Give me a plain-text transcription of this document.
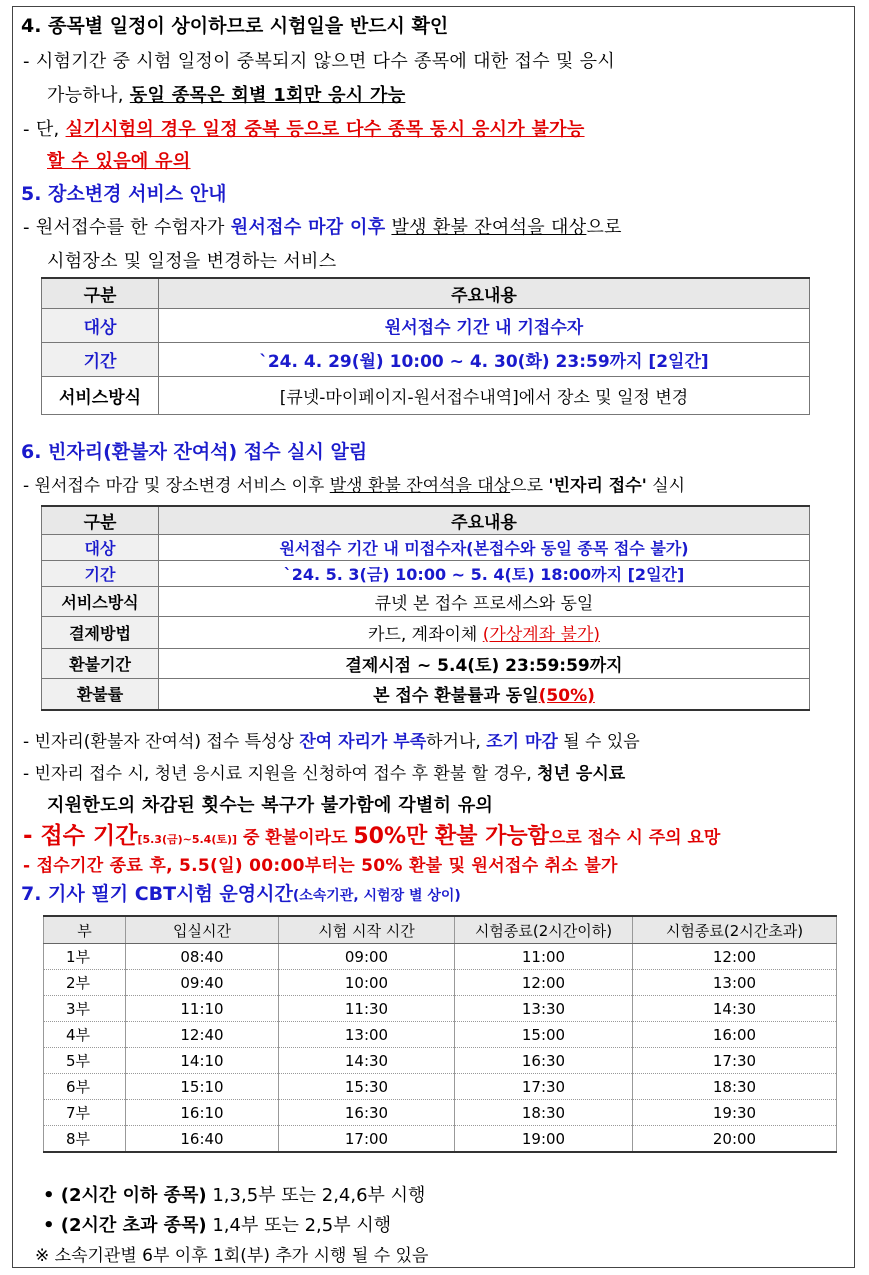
4. 종목별 일정이 상이하므로 시험일을 반드시 확인
- 시험기간 중 시험 일정이 중복되지 않으면 다수 종목에 대한 접수 및 응시
가능하나, 동일 종목은 회별 1회만 응시 가능
- 단, 실기시험의 경우 일정 중복 등으로 다수 종목 동시 응시가 불가능
할 수 있음에 유의
5. 장소변경 서비스 안내
- 원서접수를 한 수험자가 원서접수 마감 이후 발생 환불 잔여석을 대상으로
시험장소 및 일정을 변경하는 서비스
구분	주요내용
대상	원서접수 기간 내 기접수자
기간	`24. 4. 29(월) 10:00 ~ 4. 30(화) 23:59까지 [2일간]
서비스방식	[큐넷-마이페이지-원서접수내역]에서 장소 및 일정 변경
6. 빈자리(환불자 잔여석) 접수 실시 알림
- 원서접수 마감 및 장소변경 서비스 이후 발생 환불 잔여석을 대상으로 '빈자리 접수' 실시
구분	주요내용
대상	원서접수 기간 내 미접수자(본접수와 동일 종목 접수 불가)
기간	`24. 5. 3(금) 10:00 ~ 5. 4(토) 18:00까지 [2일간]
서비스방식	큐넷 본 접수 프로세스와 동일
결제방법	카드, 계좌이체 (가상계좌 불가)
환불기간	결제시점 ~ 5.4(토) 23:59:59까지
환불률	본 접수 환불률과 동일(50%)
- 빈자리(환불자 잔여석) 접수 특성상 잔여 자리가 부족하거나, 조기 마감 될 수 있음
- 빈자리 접수 시, 청년 응시료 지원을 신청하여 접수 후 환불 할 경우, 청년 응시료
지원한도의 차감된 횟수는 복구가 불가함에 각별히 유의
- 접수 기간[5.3(금)~5.4(토)] 중 환불이라도 50%만 환불 가능함으로 접수 시 주의 요망
- 접수기간 종료 후, 5.5(일) 00:00부터는 50% 환불 및 원서접수 취소 불가
7. 기사 필기 CBT시험 운영시간(소속기관, 시험장 별 상이)
부	입실시간	시험 시작 시간	시험종료(2시간이하)	시험종료(2시간초과)
1부	08:40	09:00	11:00	12:00
2부	09:40	10:00	12:00	13:00
3부	11:10	11:30	13:30	14:30
4부	12:40	13:00	15:00	16:00
5부	14:10	14:30	16:30	17:30
6부	15:10	15:30	17:30	18:30
7부	16:10	16:30	18:30	19:30
8부	16:40	17:00	19:00	20:00
• (2시간 이하 종목) 1,3,5부 또는 2,4,6부 시행
• (2시간 초과 종목) 1,4부 또는 2,5부 시행
※ 소속기관별 6부 이후 1회(부) 추가 시행 될 수 있음
